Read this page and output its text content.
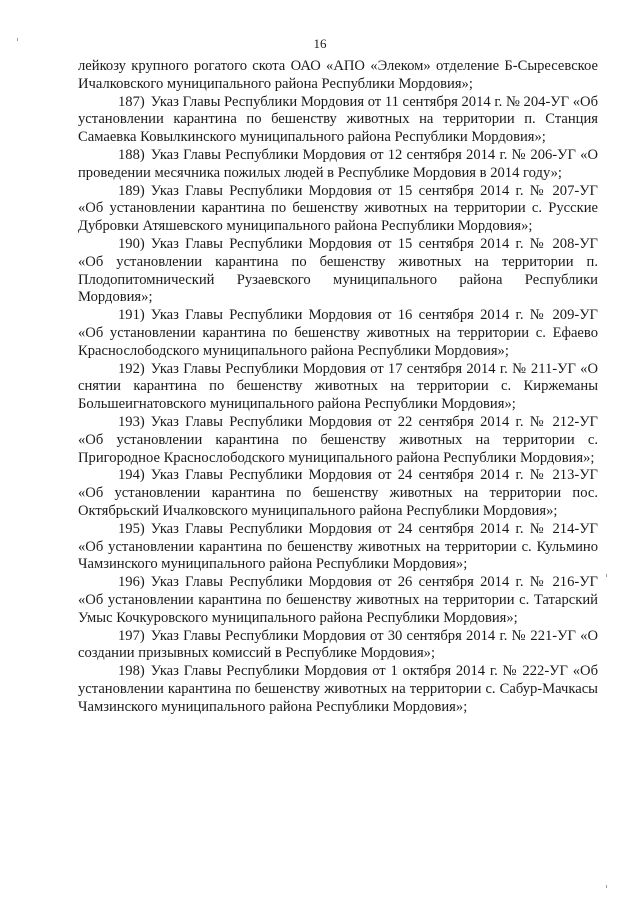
16

лейкозу крупного рогатого скота ОАО «АПО «Элеком» отделение Б-Сыресевское Ичалковского муниципального района Республики Мордовия»;

187) Указ Главы Республики Мордовия от 11 сентября 2014 г. № 204-УГ «Об установлении карантина по бешенству животных на территории п. Станция Самаевка Ковылкинского муниципального района Республики Мордовия»;

188) Указ Главы Республики Мордовия от 12 сентября 2014 г. № 206-УГ «О проведении месячника пожилых людей в Республике Мордовия в 2014 году»;

189) Указ Главы Республики Мордовия от 15 сентября 2014 г. № 207-УГ «Об установлении карантина по бешенству животных на территории с. Русские Дубровки Атяшевского муниципального района Республики Мордовия»;

190) Указ Главы Республики Мордовия от 15 сентября 2014 г. № 208-УГ «Об установлении карантина по бешенству животных на территории п. Плодопитомнический Рузаевского муниципального района Республики Мордовия»;

191) Указ Главы Республики Мордовия от 16 сентября 2014 г. № 209-УГ «Об установлении карантина по бешенству животных на территории с. Ефаево Краснослободского муниципального района Республики Мордовия»;

192) Указ Главы Республики Мордовия от 17 сентября 2014 г. № 211-УГ «О снятии карантина по бешенству животных на территории с. Киржеманы Большеигнатовского муниципального района Республики Мордовия»;

193) Указ Главы Республики Мордовия от 22 сентября 2014 г. № 212-УГ «Об установлении карантина по бешенству животных на территории с. Пригородное Краснослободского муниципального района Республики Мордовия»;

194) Указ Главы Республики Мордовия от 24 сентября 2014 г. № 213-УГ «Об установлении карантина по бешенству животных на территории пос. Октябрьский Ичалковского муниципального района Республики Мордовия»;

195) Указ Главы Республики Мордовия от 24 сентября 2014 г. № 214-УГ «Об установлении карантина по бешенству животных на территории с. Кульмино Чамзинского муниципального района Республики Мордовия»;

196) Указ Главы Республики Мордовия от 26 сентября 2014 г. № 216-УГ «Об установлении карантина по бешенству животных на территории с. Татарский Умыс Кочкуровского муниципального района Республики Мордовия»;

197) Указ Главы Республики Мордовия от 30 сентября 2014 г. № 221-УГ «О создании призывных комиссий в Республике Мордовия»;

198) Указ Главы Республики Мордовия от 1 октября 2014 г. № 222-УГ «Об установлении карантина по бешенству животных на территории с. Сабур-Мачкасы Чамзинского муниципального района Республики Мордовия»;
